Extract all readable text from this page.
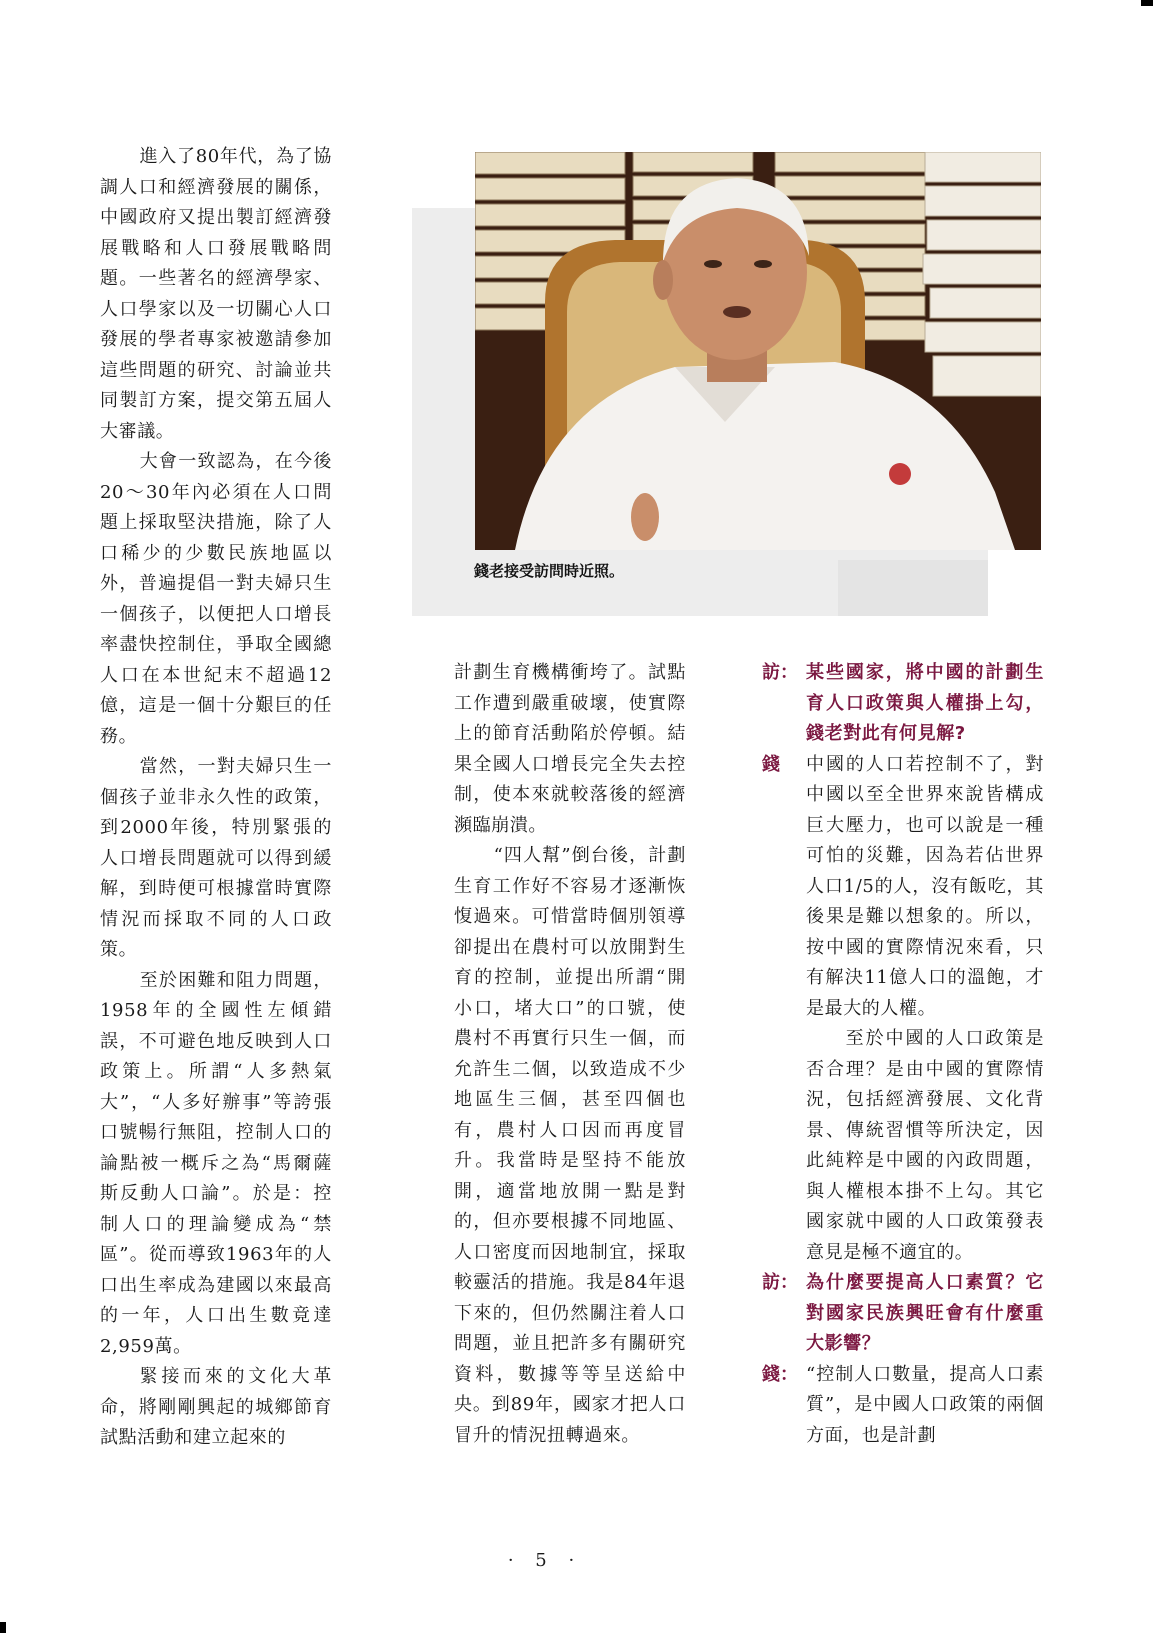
進入了80年代，為了協調人口和經濟發展的關係，中國政府又提出製訂經濟發展戰略和人口發展戰略問題。一些著名的經濟學家、人口學家以及一切關心人口發展的學者專家被邀請參加這些問題的研究、討論並共同製訂方案，提交第五屆人大審議。

大會一致認為，在今後20～30年內必須在人口問題上採取堅決措施，除了人口稀少的少數民族地區以外，普遍提倡一對夫婦只生一個孩子，以便把人口增長率盡快控制住，爭取全國總人口在本世紀末不超過12億，這是一個十分艱巨的任務。

當然，一對夫婦只生一個孩子並非永久性的政策，到2000年後，特別緊張的人口增長問題就可以得到緩解，到時便可根據當時實際情況而採取不同的人口政策。

至於困難和阻力問題，1958年的全國性左傾錯誤，不可避色地反映到人口政策上。所謂“人多熱氣大”，“人多好辦事”等誇張口號暢行無阻，控制人口的論點被一概斥之為“馬爾薩斯反動人口論”。於是：控制人口的理論變成為“禁區”。從而導致1963年的人口出生率成為建國以來最高的一年，人口出生數竟達2,959萬。

緊接而來的文化大革命，將剛剛興起的城鄉節育試點活動和建立起來的

錢老接受訪問時近照。

計劃生育機構衝垮了。試點工作遭到嚴重破壞，使實際上的節育活動陷於停頓。結果全國人口增長完全失去控制，使本來就較落後的經濟瀕臨崩潰。

“四人幫”倒台後，計劃生育工作好不容易才逐漸恢愎過來。可惜當時個別領導卻提出在農村可以放開對生育的控制，並提出所謂“開小口，堵大口”的口號，使農村不再實行只生一個，而允許生二個，以致造成不少地區生三個，甚至四個也有，農村人口因而再度冒升。我當時是堅持不能放開，適當地放開一點是對的，但亦要根據不同地區、人口密度而因地制宜，採取較靈活的措施。我是84年退下來的，但仍然關注着人口問題，並且把許多有關研究資料，數據等等呈送給中央。到89年，國家才把人口冒升的情況扭轉過來。

訪： 某些國家，將中國的計劃生育人口政策與人權掛上勾，錢老對此有何見解?
錢	中國的人口若控制不了，對中國以至全世界來說皆構成巨大壓力，也可以說是一種可怕的災難，因為若佔世界人口1/5的人，沒有飯吃，其後果是難以想象的。所以，按中國的實際情況來看，只有解決11億人口的溫飽，才是最大的人權。

至於中國的人口政策是否合理？是由中國的實際情況，包括經濟發展、文化背景、傳統習慣等所決定，因此純粹是中國的內政問題，與人權根本掛不上勾。其它國家就中國的人口政策發表意見是極不適宜的。

訪： 為什麼要提高人口素質？它對國家民族興旺會有什麼重大影響？
錢： “控制人口數量，提高人口素質”，是中國人口政策的兩個方面，也是計劃
· 5 ·
